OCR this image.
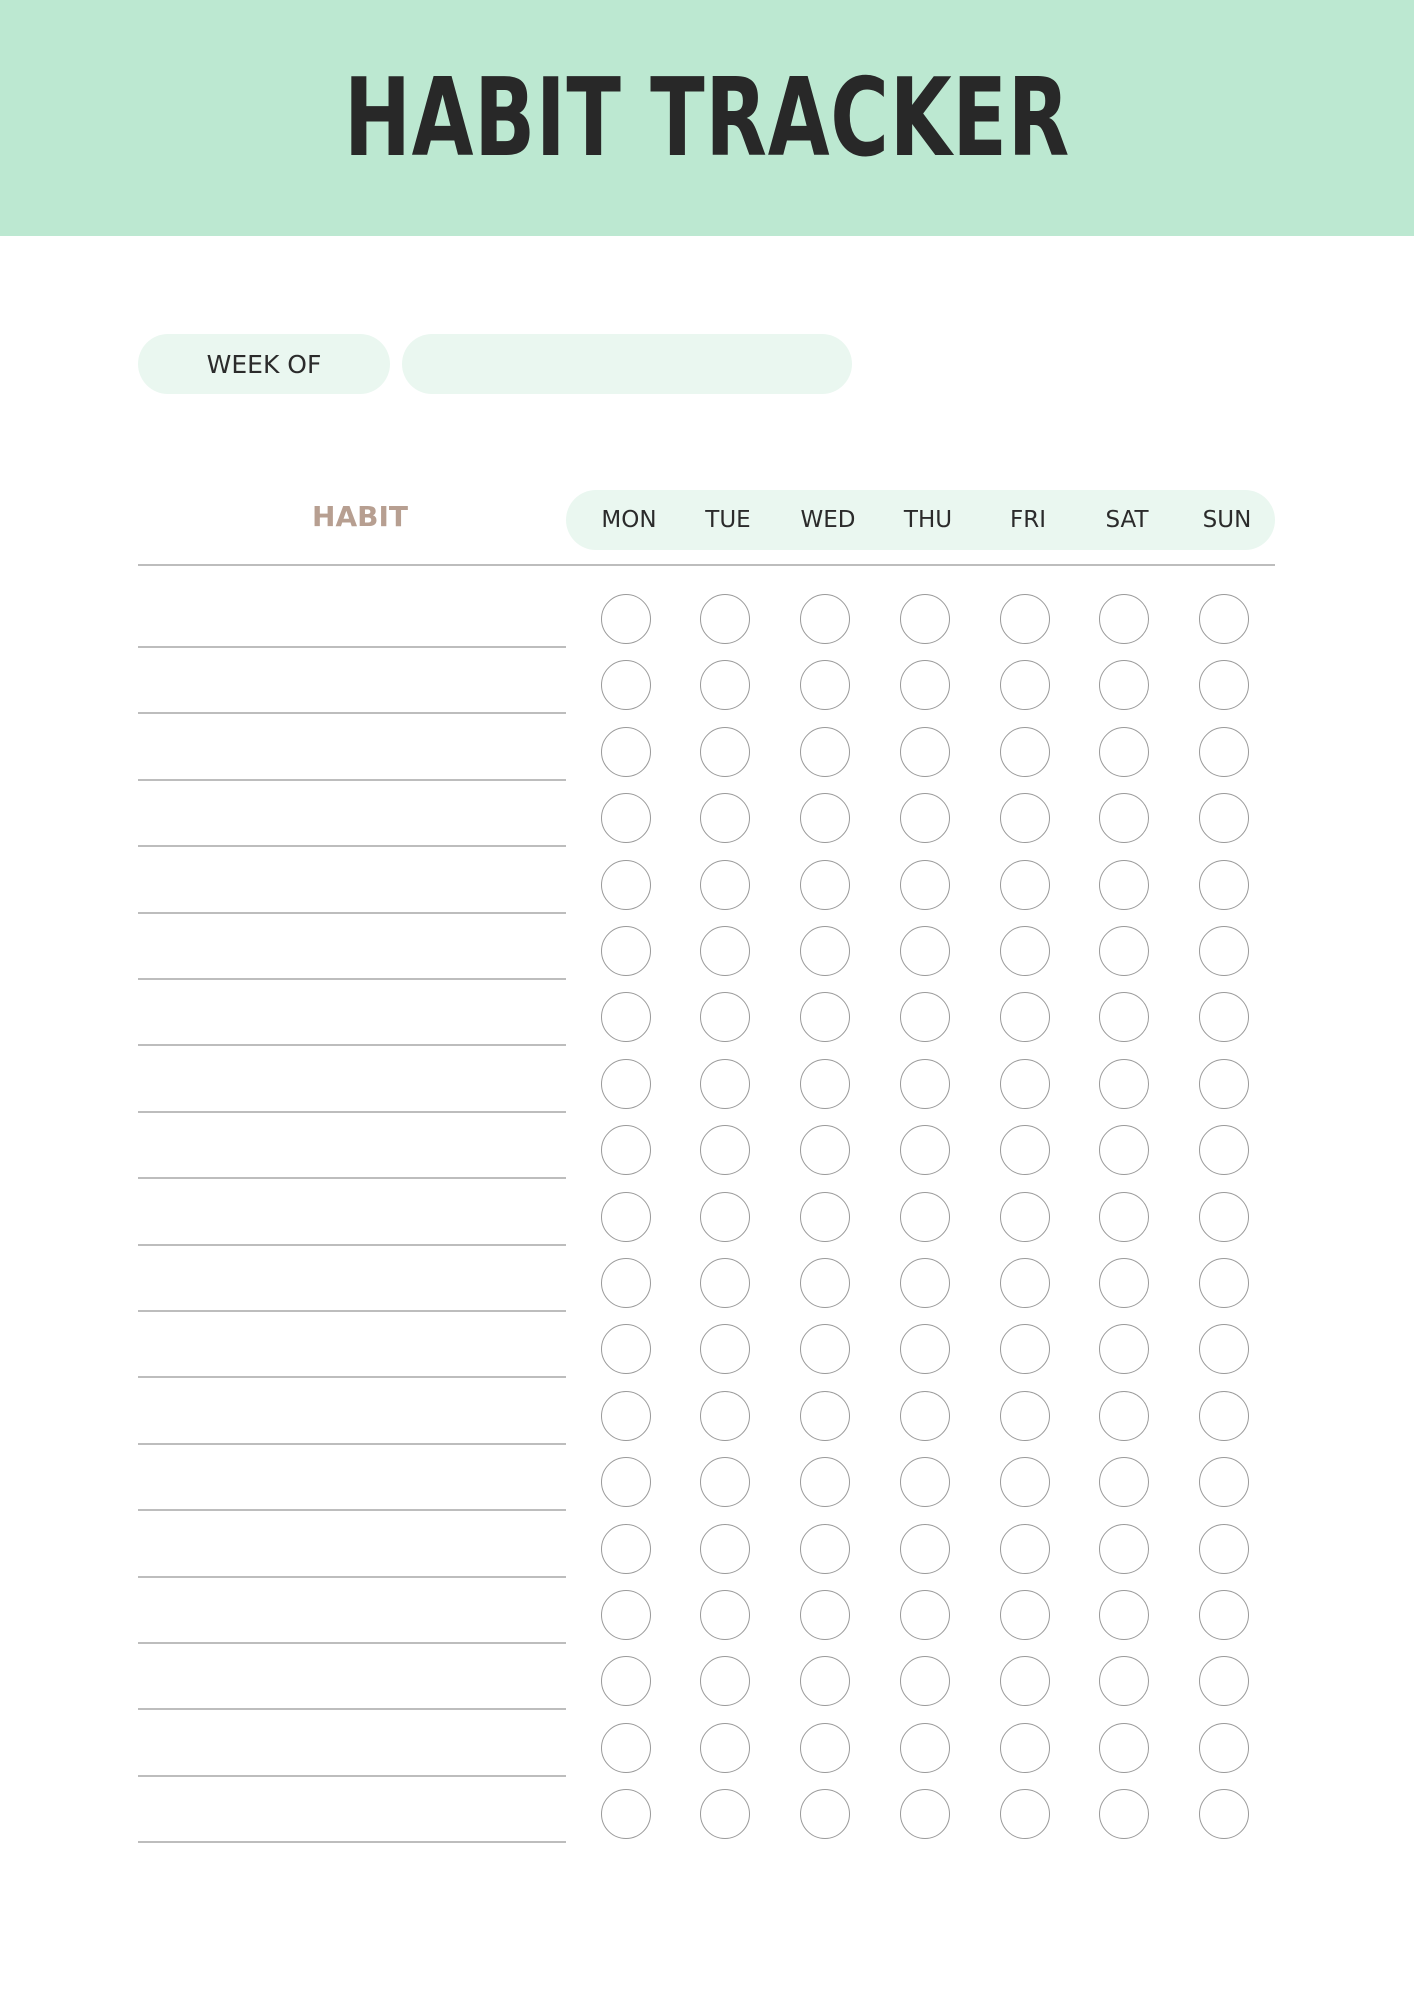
HABIT TRACKER
WEEK OF
HABIT	MON	TUE	WED	THU	FRI	SAT	SUN
